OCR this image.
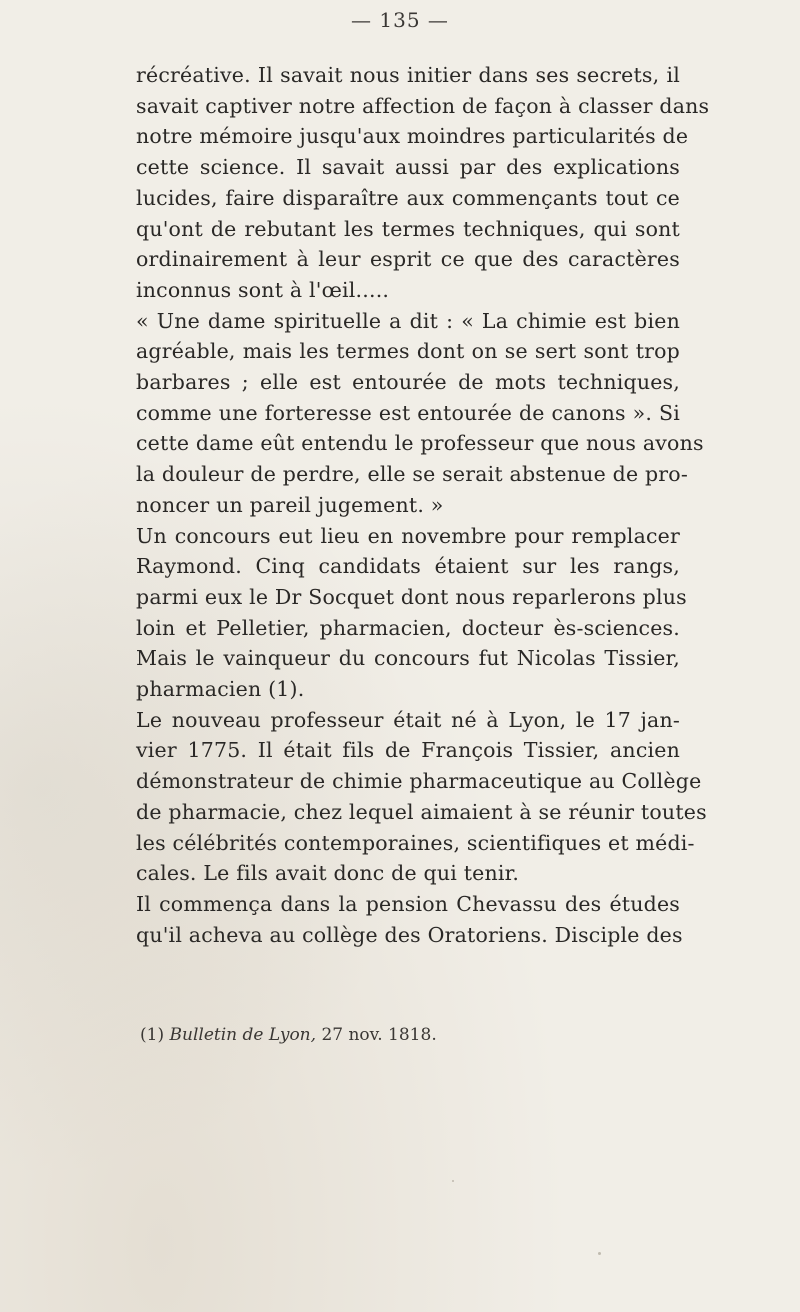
— 135 —
récréative. Il savait nous initier dans ses secrets, il
savait captiver notre affection de façon à classer dans
notre mémoire jusqu'aux moindres particularités de
cette science. Il savait aussi par des explications
lucides, faire disparaître aux commençants tout ce
qu'ont de rebutant les termes techniques, qui sont
ordinairement à leur esprit ce que des caractères
inconnus sont à l'œil.....
« Une dame spirituelle a dit : « La chimie est bien
agréable, mais les termes dont on se sert sont trop
barbares ; elle est entourée de mots techniques,
comme une forteresse est entourée de canons ». Si
cette dame eût entendu le professeur que nous avons
la douleur de perdre, elle se serait abstenue de pro-
noncer un pareil jugement. »
Un concours eut lieu en novembre pour remplacer
Raymond. Cinq candidats étaient sur les rangs,
parmi eux le Dr Socquet dont nous reparlerons plus
loin et Pelletier, pharmacien, docteur ès-sciences.
Mais le vainqueur du concours fut Nicolas Tissier,
pharmacien (1).
Le nouveau professeur était né à Lyon, le 17 jan-
vier 1775. Il était fils de François Tissier, ancien
démonstrateur de chimie pharmaceutique au Collège
de pharmacie, chez lequel aimaient à se réunir toutes
les célébrités contemporaines, scientifiques et médi-
cales. Le fils avait donc de qui tenir.
Il commença dans la pension Chevassu des études
qu'il acheva au collège des Oratoriens. Disciple des
(1) Bulletin de Lyon, 27 nov. 1818.
